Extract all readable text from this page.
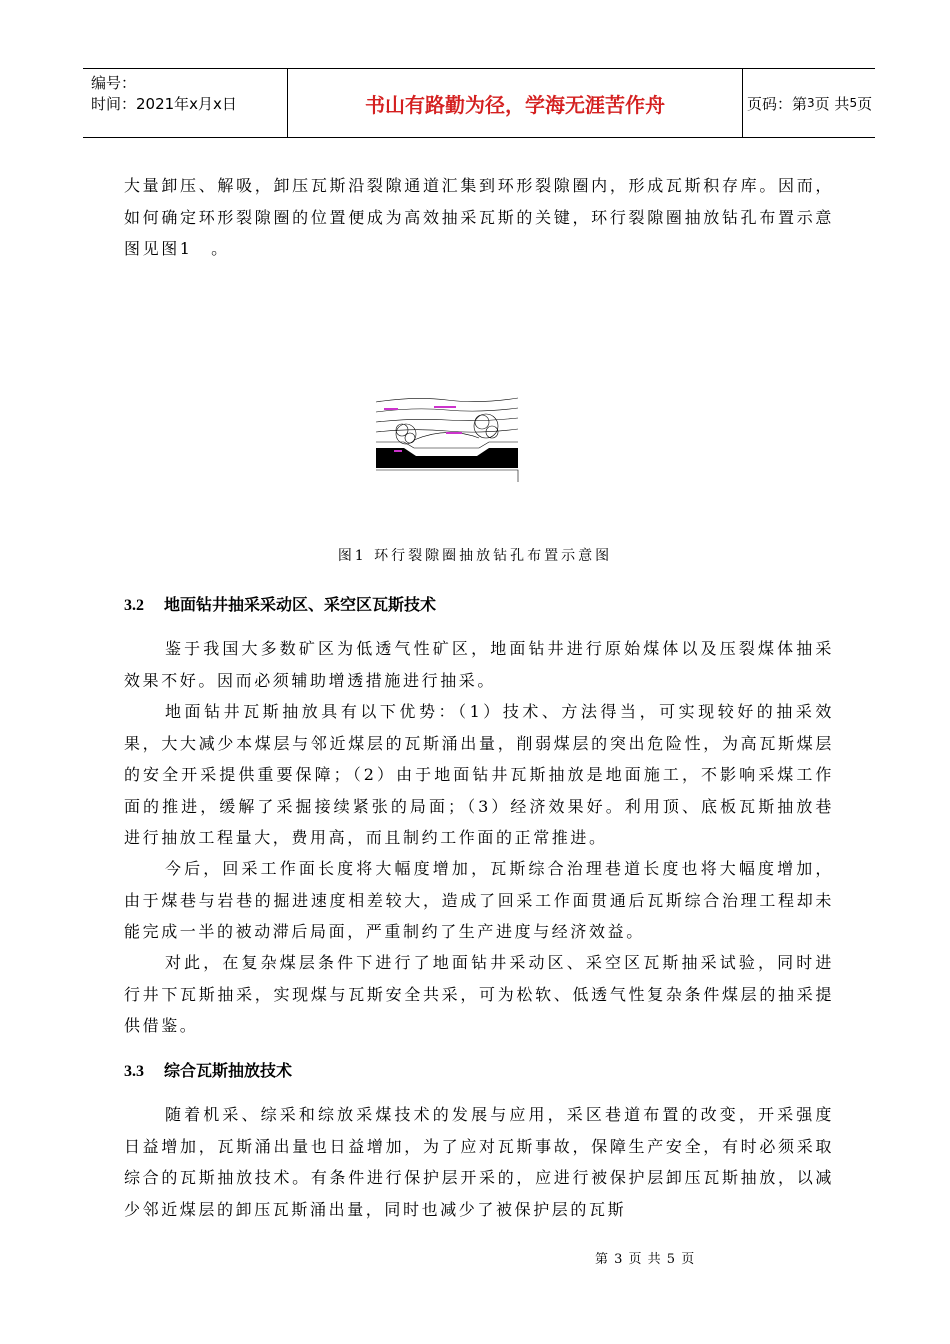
编号：
时间：2021年x月x日	书山有路勤为径，学海无涯苦作舟	页码：第 3 页 共 5 页

大量卸压、解吸，卸压瓦斯沿裂隙通道汇集到环形裂隙圈内，形成瓦斯积存库。因而，如何确定环形裂隙圈的位置便成为高效抽采瓦斯的关键，环行裂隙圈抽放钻孔布置示意图见图1　。

图1 环行裂隙圈抽放钻孔布置示意图
3.2 地面钻井抽采采动区、采空区瓦斯技术

鉴于我国大多数矿区为低透气性矿区，地面钻井进行原始煤体以及压裂煤体抽采效果不好。因而必须辅助增透措施进行抽采。

地面钻井瓦斯抽放具有以下优势：（1）技术、方法得当，可实现较好的抽采效果，大大减少本煤层与邻近煤层的瓦斯涌出量，削弱煤层的突出危险性，为高瓦斯煤层的安全开采提供重要保障；（2）由于地面钻井瓦斯抽放是地面施工，不影响采煤工作面的推进，缓解了采掘接续紧张的局面；（3）经济效果好。利用顶、底板瓦斯抽放巷进行抽放工程量大，费用高，而且制约工作面的正常推进。

今后，回采工作面长度将大幅度增加，瓦斯综合治理巷道长度也将大幅度增加，由于煤巷与岩巷的掘进速度相差较大，造成了回采工作面贯通后瓦斯综合治理工程却未能完成一半的被动滞后局面，严重制约了生产进度与经济效益。

对此，在复杂煤层条件下进行了地面钻井采动区、采空区瓦斯抽采试验，同时进行井下瓦斯抽采，实现煤与瓦斯安全共采，可为松软、低透气性复杂条件煤层的抽采提供借鉴。

3.3 综合瓦斯抽放技术

随着机采、综采和综放采煤技术的发展与应用，采区巷道布置的改变，开采强度日益增加，瓦斯涌出量也日益增加，为了应对瓦斯事故，保障生产安全，有时必须采取综合的瓦斯抽放技术。有条件进行保护层开采的，应进行被保护层卸压瓦斯抽放，以减少邻近煤层的卸压瓦斯涌出量，同时也减少了被保护层的瓦斯

第 3 页 共 5 页
